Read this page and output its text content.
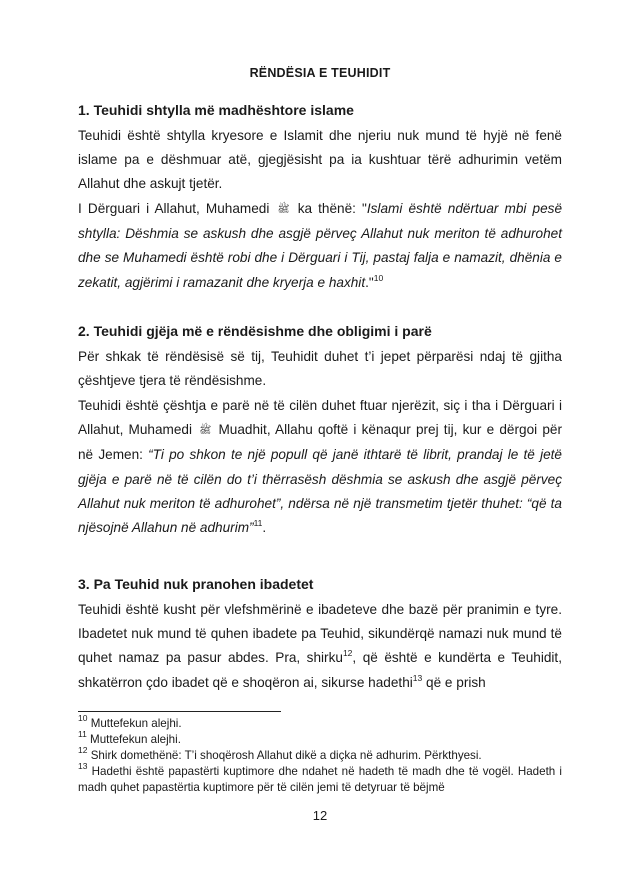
RËNDËSIA E TEUHIDIT
1. Teuhidi shtylla më madhështore islame
Teuhidi është shtylla kryesore e Islamit dhe njeriu nuk mund të hyjë në fenë islame pa e dëshmuar atë, gjegjësisht pa ia kushtuar tërë adhurimin vetëm Allahut dhe askujt tjetër.
I Dërguari i Allahut, Muhamedi ﷺ ka thënë: "Islami është ndërtuar mbi pesë shtylla: Dëshmia se askush dhe asgjë përveç Allahut nuk meriton të adhurohet dhe se Muhamedi është robi dhe i Dërguari i Tij, pastaj falja e namazit, dhënia e zekatit, agjërimi i ramazanit dhe kryerja e haxhit."$^{10}$
2. Teuhidi gjëja më e rëndësishme dhe obligimi i parë
Për shkak të rëndësisë së tij, Teuhidit duhet t’i jepet përparësi ndaj të gjitha çështjeve tjera të rëndësishme.
Teuhidi është çështja e parë në të cilën duhet ftuar njerëzit, siç i tha i Dërguari i Allahut, Muhamedi ﷺ Muadhit, Allahu qoftë i kënaqur prej tij, kur e dërgoi për në Jemen: “Ti po shkon te një popull që janë ithtarë të librit, prandaj le të jetë gjëja e parë në të cilën do t’i thërrasësh dëshmia se askush dhe asgjë përveç Allahut nuk meriton të adhurohet”, ndërsa në një transmetim tjetër thuhet: “që ta njësojnë Allahun në adhurim”$^{11}$.
3. Pa Teuhid nuk pranohen ibadetet
Teuhidi është kusht për vlefshmërinë e ibadeteve dhe bazë për pranimin e tyre. Ibadetet nuk mund të quhen ibadete pa Teuhid, sikundërqë namazi nuk mund të quhet namaz pa pasur abdes. Pra, shirku$^{12}$, që është e kundërta e Teuhidit, shkatërron çdo ibadet që e shoqëron ai, sikurse hadethi$^{13}$ që e prish
$^{10}$ Muttefekun alejhi.
$^{11}$ Muttefekun alejhi.
$^{12}$ Shirk domethënë: T’i shoqërosh Allahut dikë a diçka në adhurim. Përkthyesi.
$^{13}$ Hadethi është papastërti kuptimore dhe ndahet në hadeth të madh dhe të vogël. Hadeth i madh quhet papastërtia kuptimore për të cilën jemi të detyruar të bëjmë
12
